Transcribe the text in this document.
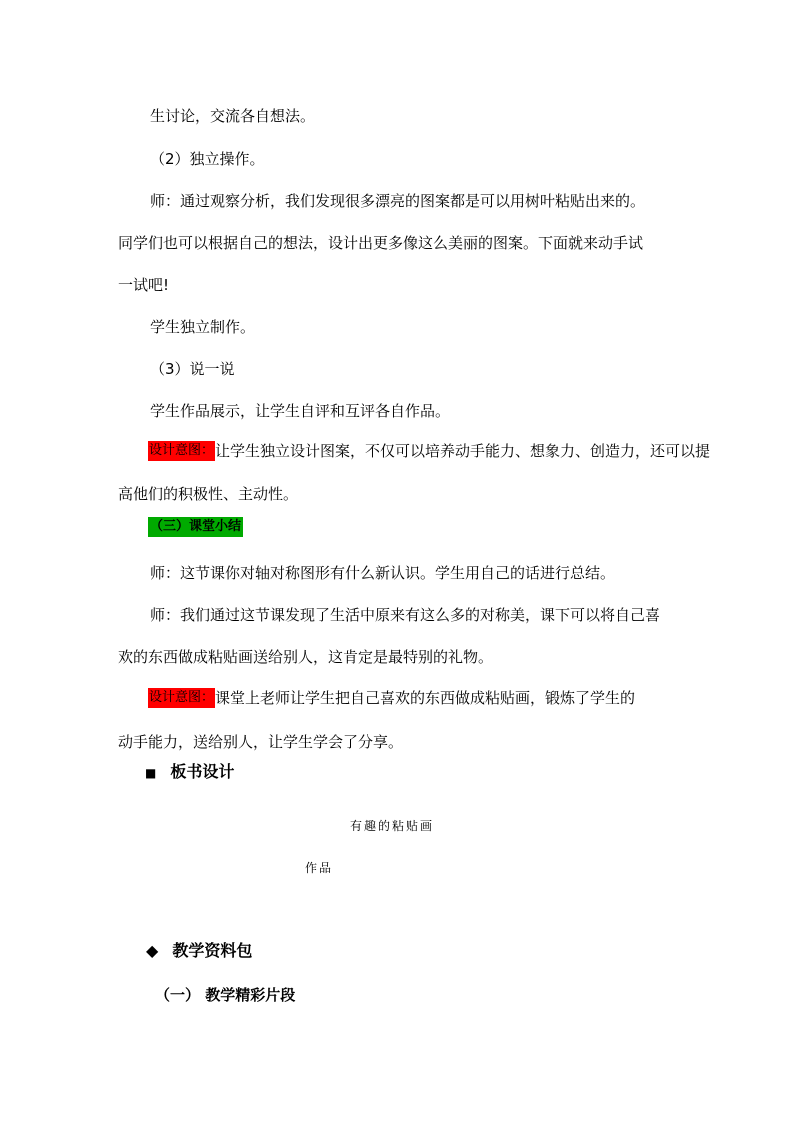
生讨论，交流各自想法。
（2）独立操作。
师：通过观察分析，我们发现很多漂亮的图案都是可以用树叶粘贴出来的。
同学们也可以根据自己的想法，设计出更多像这么美丽的图案。下面就来动手试
一试吧!
学生独立制作。
（3）说一说
学生作品展示，让学生自评和互评各自作品。
设计意图：让学生独立设计图案，不仅可以培养动手能力、想象力、创造力，还可以提
高他们的积极性、主动性。
（三）课堂小结
师：这节课你对轴对称图形有什么新认识。学生用自己的话进行总结。
师：我们通过这节课发现了生活中原来有这么多的对称美，课下可以将自己喜
欢的东西做成粘贴画送给别人，这肯定是最特别的礼物。
设计意图：课堂上老师让学生把自己喜欢的东西做成粘贴画，锻炼了学生的
动手能力，送给别人，让学生学会了分享。
■ 板书设计
有趣的粘贴画
作品
◆ 教学资料包
（一） 教学精彩片段
